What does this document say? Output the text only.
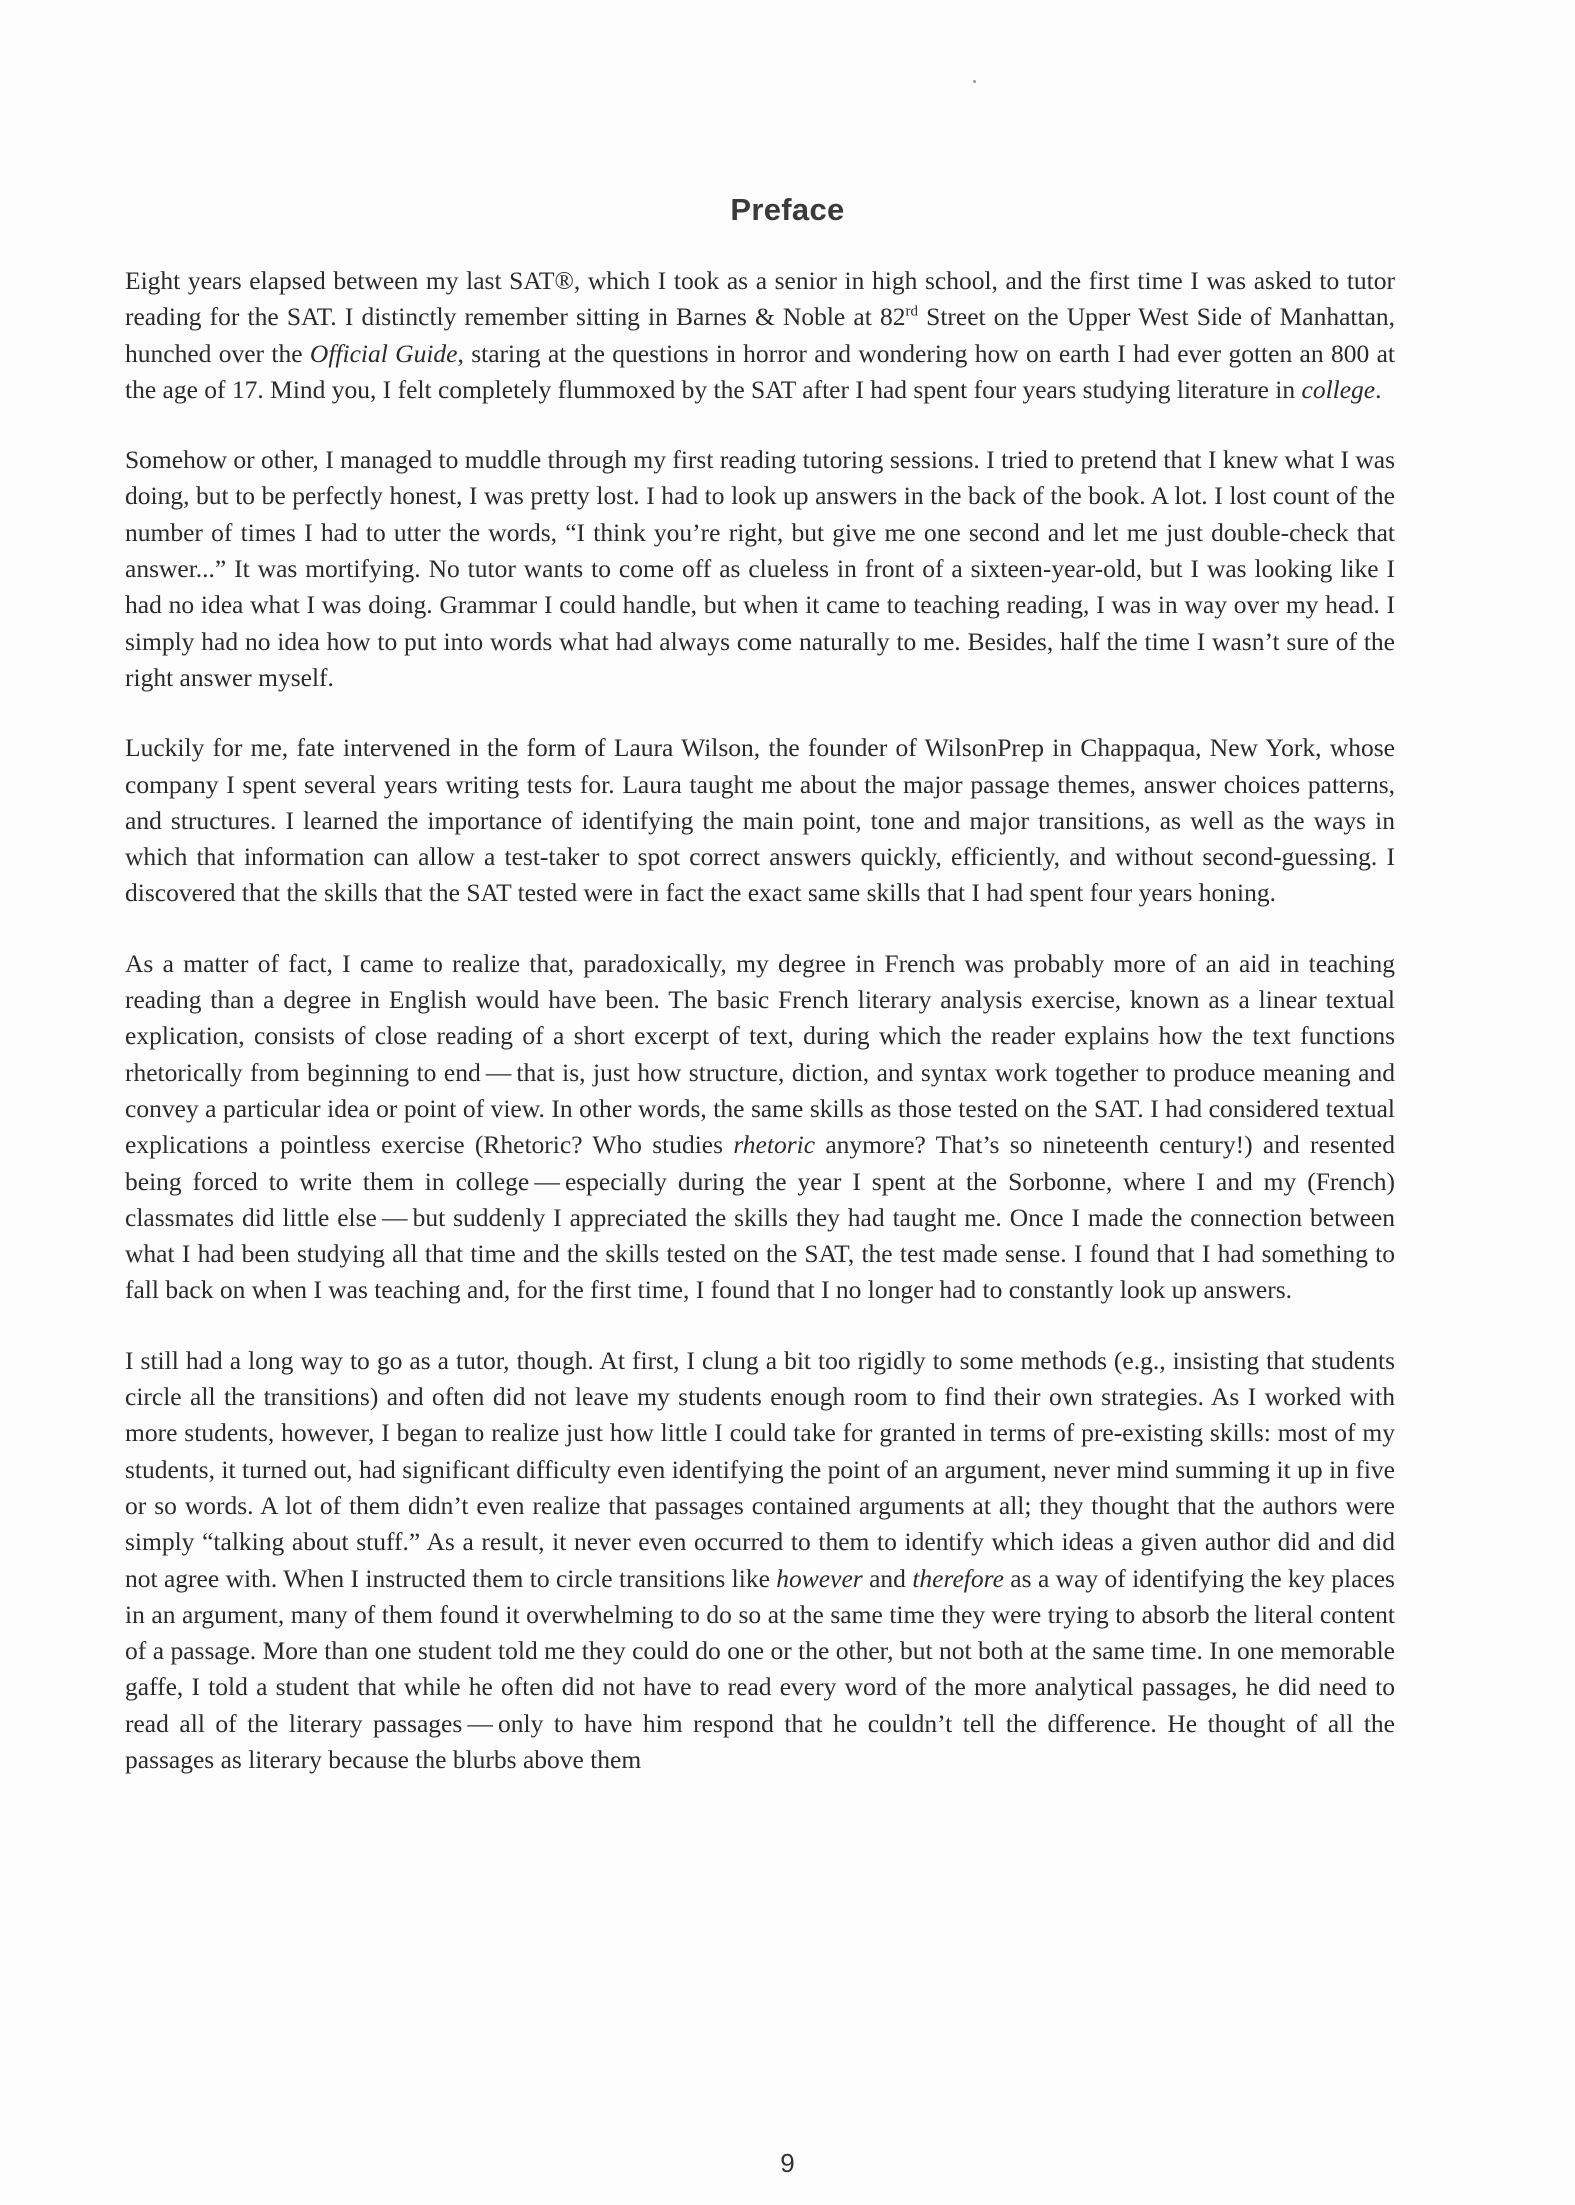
Preface

Eight years elapsed between my last SAT®, which I took as a senior in high school, and the first time I was asked to tutor reading for the SAT. I distinctly remember sitting in Barnes & Noble at 82rd Street on the Upper West Side of Manhattan, hunched over the Official Guide, staring at the questions in horror and wondering how on earth I had ever gotten an 800 at the age of 17. Mind you, I felt completely flummoxed by the SAT after I had spent four years studying literature in college.

Somehow or other, I managed to muddle through my first reading tutoring sessions. I tried to pretend that I knew what I was doing, but to be perfectly honest, I was pretty lost. I had to look up answers in the back of the book. A lot. I lost count of the number of times I had to utter the words, “I think you’re right, but give me one second and let me just double-check that answer...” It was mortifying. No tutor wants to come off as clueless in front of a sixteen-year-old, but I was looking like I had no idea what I was doing. Grammar I could handle, but when it came to teaching reading, I was in way over my head. I simply had no idea how to put into words what had always come naturally to me. Besides, half the time I wasn’t sure of the right answer myself.

Luckily for me, fate intervened in the form of Laura Wilson, the founder of WilsonPrep in Chappaqua, New York, whose company I spent several years writing tests for. Laura taught me about the major passage themes, answer choices patterns, and structures. I learned the importance of identifying the main point, tone and major transitions, as well as the ways in which that information can allow a test-taker to spot correct answers quickly, efficiently, and without second-guessing. I discovered that the skills that the SAT tested were in fact the exact same skills that I had spent four years honing.

As a matter of fact, I came to realize that, paradoxically, my degree in French was probably more of an aid in teaching reading than a degree in English would have been. The basic French literary analysis exercise, known as a linear textual explication, consists of close reading of a short excerpt of text, during which the reader explains how the text functions rhetorically from beginning to end — that is, just how structure, diction, and syntax work together to produce meaning and convey a particular idea or point of view. In other words, the same skills as those tested on the SAT. I had considered textual explications a pointless exercise (Rhetoric? Who studies rhetoric anymore? That’s so nineteenth century!) and resented being forced to write them in college — especially during the year I spent at the Sorbonne, where I and my (French) classmates did little else — but suddenly I appreciated the skills they had taught me. Once I made the connection between what I had been studying all that time and the skills tested on the SAT, the test made sense. I found that I had something to fall back on when I was teaching and, for the first time, I found that I no longer had to constantly look up answers.

I still had a long way to go as a tutor, though. At first, I clung a bit too rigidly to some methods (e.g., insisting that students circle all the transitions) and often did not leave my students enough room to find their own strategies. As I worked with more students, however, I began to realize just how little I could take for granted in terms of pre-existing skills: most of my students, it turned out, had significant difficulty even identifying the point of an argument, never mind summing it up in five or so words. A lot of them didn’t even realize that passages contained arguments at all; they thought that the authors were simply “talking about stuff.” As a result, it never even occurred to them to identify which ideas a given author did and did not agree with. When I instructed them to circle transitions like however and therefore as a way of identifying the key places in an argument, many of them found it overwhelming to do so at the same time they were trying to absorb the literal content of a passage. More than one student told me they could do one or the other, but not both at the same time. In one memorable gaffe, I told a student that while he often did not have to read every word of the more analytical passages, he did need to read all of the literary passages — only to have him respond that he couldn’t tell the difference. He thought of all the passages as literary because the blurbs above them

9
